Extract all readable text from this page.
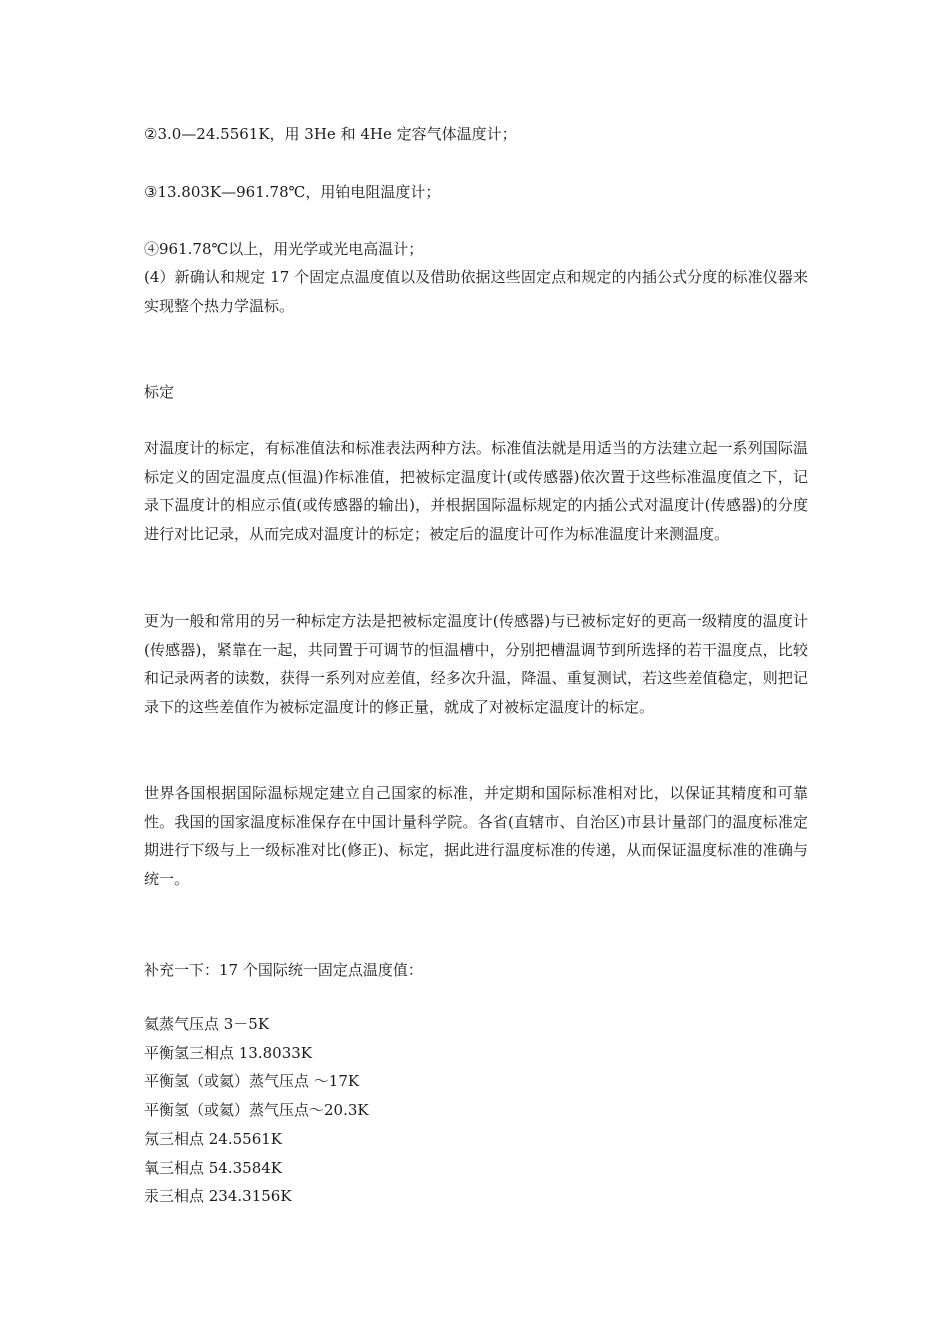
②3.0—24.5561K，用 3He 和 4He 定容气体温度计；
③13.803K—961.78℃，用铂电阻温度计；
④961.78℃以上，用光学或光电高温计；
(4）新确认和规定 17 个固定点温度值以及借助依据这些固定点和规定的内插公式分度的标准仪器来实现整个热力学温标。
标定
对温度计的标定，有标准值法和标准表法两种方法。标准值法就是用适当的方法建立起一系列国际温标定义的固定温度点(恒温)作标准值，把被标定温度计(或传感器)依次置于这些标准温度值之下，记录下温度计的相应示值(或传感器的输出)，并根据国际温标规定的内插公式对温度计(传感器)的分度进行对比记录，从而完成对温度计的标定；被定后的温度计可作为标准温度计来测温度。
更为一般和常用的另一种标定方法是把被标定温度计(传感器)与已被标定好的更高一级精度的温度计(传感器)，紧靠在一起，共同置于可调节的恒温槽中，分别把槽温调节到所选择的若干温度点，比较和记录两者的读数，获得一系列对应差值，经多次升温，降温、重复测试，若这些差值稳定，则把记录下的这些差值作为被标定温度计的修正量，就成了对被标定温度计的标定。
世界各国根据国际温标规定建立自己国家的标准，并定期和国际标准相对比，以保证其精度和可靠性。我国的国家温度标准保存在中国计量科学院。各省(直辖市、自治区)市县计量部门的温度标准定期进行下级与上一级标准对比(修正)、标定，据此进行温度标准的传递，从而保证温度标准的准确与统一。
补充一下：17 个国际统一固定点温度值：
氦蒸气压点 3－5K
平衡氢三相点 13.8033K
平衡氢（或氦）蒸气压点 ～17K
平衡氢（或氦）蒸气压点～20.3K
氖三相点 24.5561K
氧三相点 54.3584K
汞三相点 234.3156K
